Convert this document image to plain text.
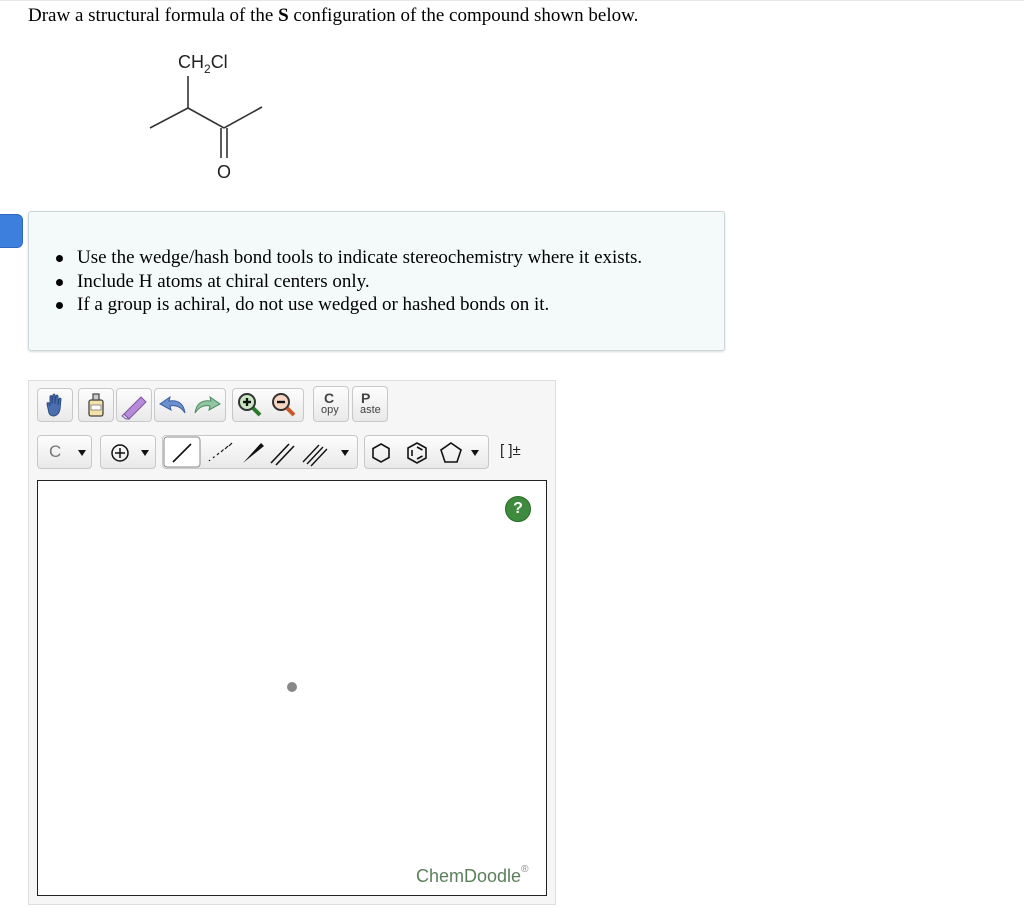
Draw a structural formula of the S configuration of the compound shown below.
$CH_2Cl$
O
Use the wedge/hash bond tools to indicate stereochemistry where it exists.
Include H atoms at chiral centers only.
If a group is achiral, do not use wedged or hashed bonds on it.
C
opy
P
aste
C	[ ]±
?
ChemDoodle®
